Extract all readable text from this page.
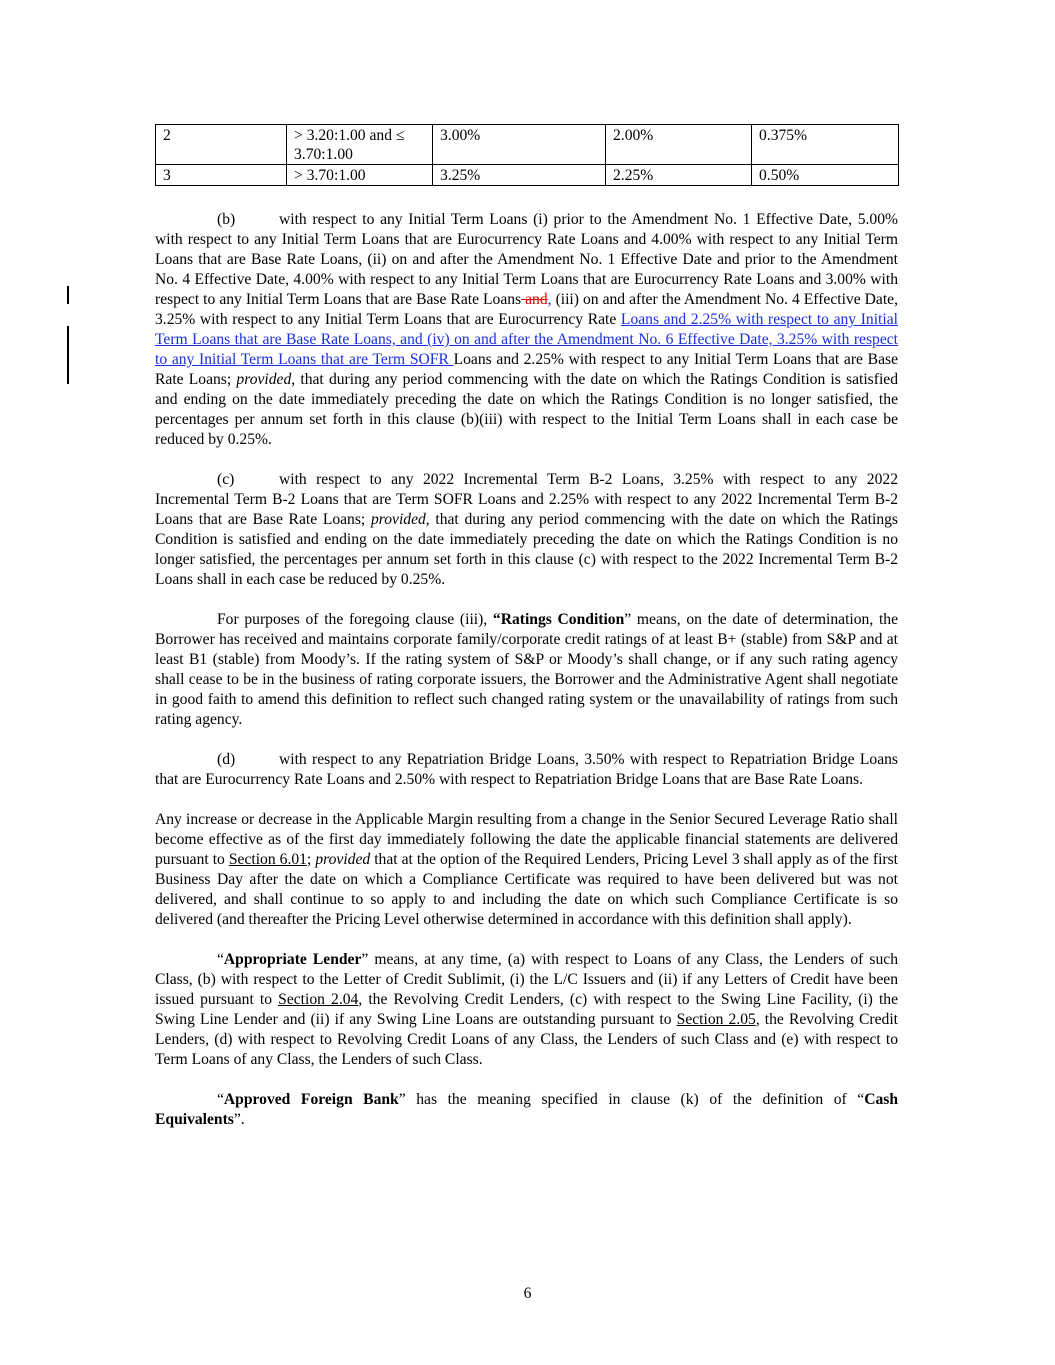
2	> 3.20:1.00 and ≤ 3.70:1.00	3.00%	2.00%	0.375%
3	> 3.70:1.00	3.25%	2.25%	0.50%

(b)	with respect to any Initial Term Loans (i) prior to the Amendment No. 1 Effective Date, 5.00% with respect to any Initial Term Loans that are Eurocurrency Rate Loans and 4.00% with respect to any Initial Term Loans that are Base Rate Loans, (ii) on and after the Amendment No. 1 Effective Date and prior to the Amendment No. 4 Effective Date, 4.00% with respect to any Initial Term Loans that are Eurocurrency Rate Loans and 3.00% with respect to any Initial Term Loans that are Base Rate Loans and, (iii) on and after the Amendment No. 4 Effective Date, 3.25% with respect to any Initial Term Loans that are Eurocurrency Rate Loans and 2.25% with respect to any Initial Term Loans that are Base Rate Loans, and (iv) on and after the Amendment No. 6 Effective Date, 3.25% with respect to any Initial Term Loans that are Term SOFR Loans and 2.25% with respect to any Initial Term Loans that are Base Rate Loans; provided, that during any period commencing with the date on which the Ratings Condition is satisfied and ending on the date immediately preceding the date on which the Ratings Condition is no longer satisfied, the percentages per annum set forth in this clause (b)(iii) with respect to the Initial Term Loans shall in each case be reduced by 0.25%.

(c)	with respect to any 2022 Incremental Term B-2 Loans, 3.25% with respect to any 2022 Incremental Term B-2 Loans that are Term SOFR Loans and 2.25% with respect to any 2022 Incremental Term B-2 Loans that are Base Rate Loans; provided, that during any period commencing with the date on which the Ratings Condition is satisfied and ending on the date immediately preceding the date on which the Ratings Condition is no longer satisfied, the percentages per annum set forth in this clause (c) with respect to the 2022 Incremental Term B-2 Loans shall in each case be reduced by 0.25%.

For purposes of the foregoing clause (iii), “Ratings Condition” means, on the date of determination, the Borrower has received and maintains corporate family/corporate credit ratings of at least B+ (stable) from S&P and at least B1 (stable) from Moody’s. If the rating system of S&P or Moody’s shall change, or if any such rating agency shall cease to be in the business of rating corporate issuers, the Borrower and the Administrative Agent shall negotiate in good faith to amend this definition to reflect such changed rating system or the unavailability of ratings from such rating agency.

(d)	with respect to any Repatriation Bridge Loans, 3.50% with respect to Repatriation Bridge Loans that are Eurocurrency Rate Loans and 2.50% with respect to Repatriation Bridge Loans that are Base Rate Loans.

Any increase or decrease in the Applicable Margin resulting from a change in the Senior Secured Leverage Ratio shall become effective as of the first day immediately following the date the applicable financial statements are delivered pursuant to Section 6.01; provided that at the option of the Required Lenders, Pricing Level 3 shall apply as of the first Business Day after the date on which a Compliance Certificate was required to have been delivered but was not delivered, and shall continue to so apply to and including the date on which such Compliance Certificate is so delivered (and thereafter the Pricing Level otherwise determined in accordance with this definition shall apply).

“Appropriate Lender” means, at any time, (a) with respect to Loans of any Class, the Lenders of such Class, (b) with respect to the Letter of Credit Sublimit, (i) the L/C Issuers and (ii) if any Letters of Credit have been issued pursuant to Section 2.04, the Revolving Credit Lenders, (c) with respect to the Swing Line Facility, (i) the Swing Line Lender and (ii) if any Swing Line Loans are outstanding pursuant to Section 2.05, the Revolving Credit Lenders, (d) with respect to Revolving Credit Loans of any Class, the Lenders of such Class and (e) with respect to Term Loans of any Class, the Lenders of such Class.

“Approved Foreign Bank” has the meaning specified in clause (k) of the definition of “Cash Equivalents”.

6
